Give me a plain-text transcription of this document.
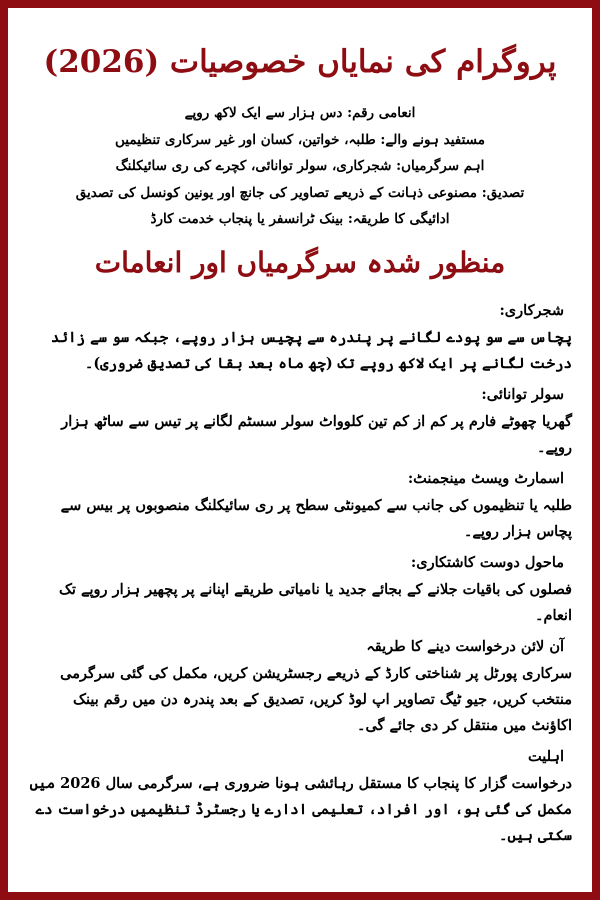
پروگرام کی نمایاں خصوصیات (2026)
انعامی رقم: دس ہزار سے ایک لاکھ روپے
مستفید ہونے والے: طلبہ، خواتین، کسان اور غیر سرکاری تنظیمیں
اہم سرگرمیاں: شجرکاری، سولر توانائی، کچرے کی ری سائیکلنگ
تصدیق: مصنوعی ذہانت کے ذریعے تصاویر کی جانچ اور یونین کونسل کی تصدیق
ادائیگی کا طریقہ: بینک ٹرانسفر یا پنجاب خدمت کارڈ
منظور شدہ سرگرمیاں اور انعامات

شجرکاری:

پچاس سے سو پودے لگانے پر پندرہ سے پچیس ہزار روپے، جبکہ سو سے زائد درخت لگانے پر ایک لاکھ روپے تک (چھ ماہ بعد بقا کی تصدیق ضروری)۔

سولر توانائی:

گھریا چھوٹے فارم پر کم از کم تین کلوواٹ سولر سسٹم لگانے پر تیس سے ساٹھ ہزار روپے۔

اسمارٹ ویسٹ مینجمنٹ:

طلبہ یا تنظیموں کی جانب سے کمیونٹی سطح پر ری سائیکلنگ منصوبوں پر بیس سے پچاس ہزار روپے۔

ماحول دوست کاشتکاری:

فصلوں کی باقیات جلانے کے بجائے جدید یا نامیاتی طریقے اپنانے پر پچھیر ہزار روپے تک انعام۔

آن لائن درخواست دینے کا طریقہ

سرکاری پورٹل پر شناختی کارڈ کے ذریعے رجسٹریشن کریں، مکمل کی گئی سرگرمی منتخب کریں، جیو ٹیگ تصاویر اپ لوڈ کریں، تصدیق کے بعد پندرہ دن میں رقم بینک اکاؤنٹ میں منتقل کر دی جائے گی۔

اہلیت

درخواست گزار کا پنجاب کا مستقل رہائشی ہونا ضروری ہے، سرگرمی سال 2026 میں مکمل کی گئی ہو، اور افراد، تعلیمی ادارے یا رجسٹرڈ تنظیمیں درخواست دے سکتی ہیں۔
